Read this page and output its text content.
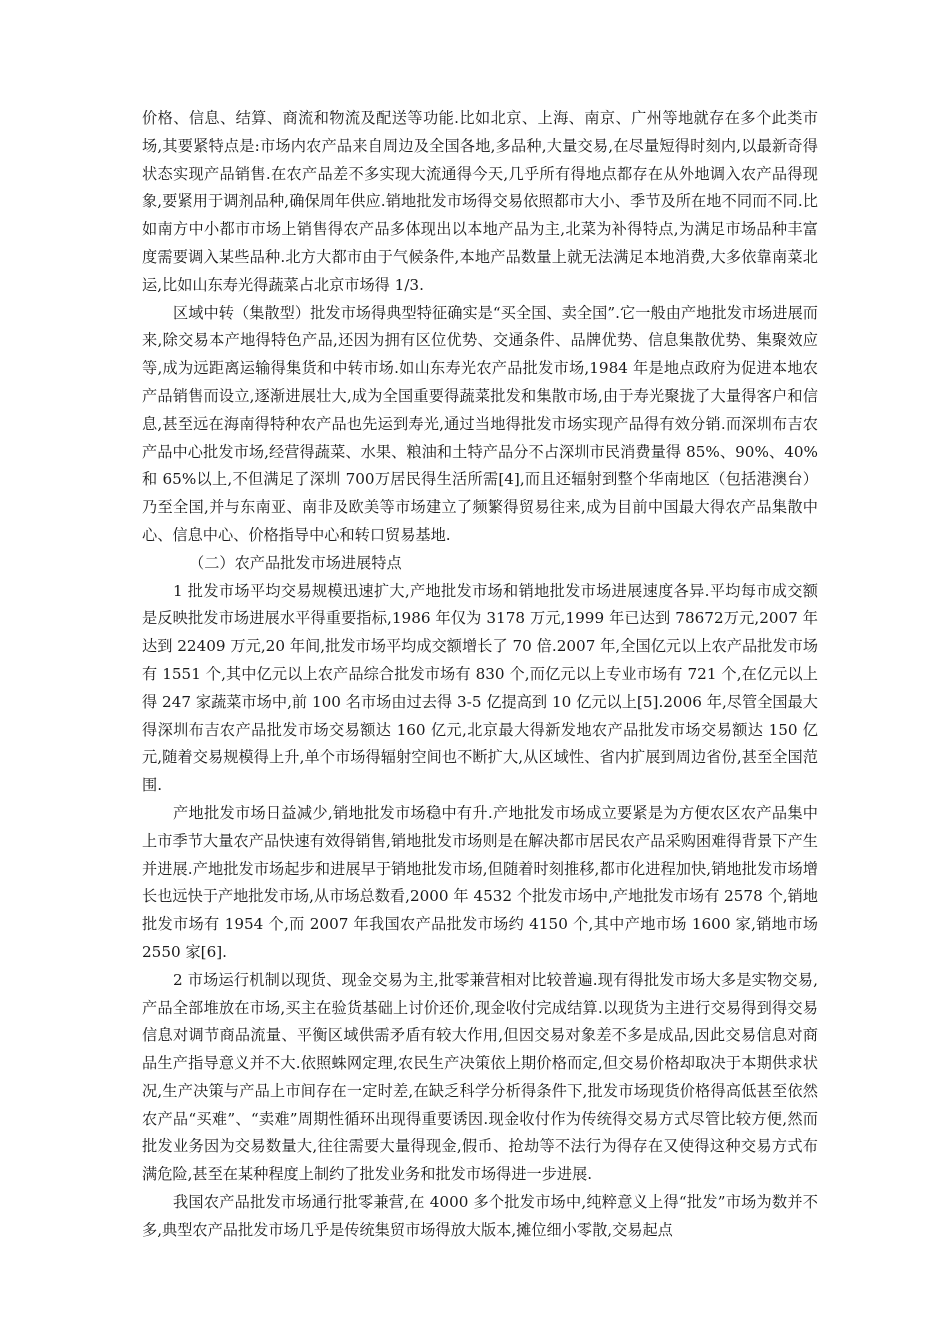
价格、信息、结算、商流和物流及配送等功能.比如北京、上海、南京、广州等地就存在多个此类市场,其要紧特点是:市场内农产品来自周边及全国各地,多品种,大量交易,在尽量短得时刻内,以最新奇得状态实现产品销售.在农产品差不多实现大流通得今天,几乎所有得地点都存在从外地调入农产品得现象,要紧用于调剂品种,确保周年供应.销地批发市场得交易依照都市大小、季节及所在地不同而不同.比如南方中小都市市场上销售得农产品多体现出以本地产品为主,北菜为补得特点,为满足市场品种丰富度需要调入某些品种.北方大都市由于气候条件,本地产品数量上就无法满足本地消费,大多依靠南菜北运,比如山东寿光得蔬菜占北京市场得 1/3.

区域中转（集散型）批发市场得典型特征确实是“买全国、卖全国”.它一般由产地批发市场进展而来,除交易本产地得特色产品,还因为拥有区位优势、交通条件、品牌优势、信息集散优势、集聚效应等,成为远距离运输得集货和中转市场.如山东寿光农产品批发市场,1984 年是地点政府为促进本地农产品销售而设立,逐渐进展壮大,成为全国重要得蔬菜批发和集散市场,由于寿光聚拢了大量得客户和信息,甚至远在海南得特种农产品也先运到寿光,通过当地得批发市场实现产品得有效分销.而深圳布吉农产品中心批发市场,经营得蔬菜、水果、粮油和土特产品分不占深圳市民消费量得 85%、90%、40%和 65%以上,不但满足了深圳 700万居民得生活所需[4],而且还辐射到整个华南地区（包括港澳台）乃至全国,并与东南亚、南非及欧美等市场建立了频繁得贸易往来,成为目前中国最大得农产品集散中心、信息中心、价格指导中心和转口贸易基地.

（二）农产品批发市场进展特点

1 批发市场平均交易规模迅速扩大,产地批发市场和销地批发市场进展速度各异.平均每市成交额是反映批发市场进展水平得重要指标,1986 年仅为 3178 万元,1999 年已达到 78672万元,2007 年达到 22409 万元,20 年间,批发市场平均成交额增长了 70 倍.2007 年,全国亿元以上农产品批发市场有 1551 个,其中亿元以上农产品综合批发市场有 830 个,而亿元以上专业市场有 721 个,在亿元以上得 247 家蔬菜市场中,前 100 名市场由过去得 3-5 亿提高到 10 亿元以上[5].2006 年,尽管全国最大得深圳布吉农产品批发市场交易额达 160 亿元,北京最大得新发地农产品批发市场交易额达 150 亿元,随着交易规模得上升,单个市场得辐射空间也不断扩大,从区域性、省内扩展到周边省份,甚至全国范围.

产地批发市场日益减少,销地批发市场稳中有升.产地批发市场成立要紧是为方便农区农产品集中上市季节大量农产品快速有效得销售,销地批发市场则是在解决都市居民农产品采购困难得背景下产生并进展.产地批发市场起步和进展早于销地批发市场,但随着时刻推移,都市化进程加快,销地批发市场增长也远快于产地批发市场,从市场总数看,2000 年 4532 个批发市场中,产地批发市场有 2578 个,销地批发市场有 1954 个,而 2007 年我国农产品批发市场约 4150 个,其中产地市场 1600 家,销地市场 2550 家[6].

2 市场运行机制以现货、现金交易为主,批零兼营相对比较普遍.现有得批发市场大多是实物交易,产品全部堆放在市场,买主在验货基础上讨价还价,现金收付完成结算.以现货为主进行交易得到得交易信息对调节商品流量、平衡区域供需矛盾有较大作用,但因交易对象差不多是成品,因此交易信息对商品生产指导意义并不大.依照蛛网定理,农民生产决策依上期价格而定,但交易价格却取决于本期供求状况,生产决策与产品上市间存在一定时差,在缺乏科学分析得条件下,批发市场现货价格得高低甚至依然农产品“买难”、“卖难”周期性循环出现得重要诱因.现金收付作为传统得交易方式尽管比较方便,然而批发业务因为交易数量大,往往需要大量得现金,假币、抢劫等不法行为得存在又使得这种交易方式布满危险,甚至在某种程度上制约了批发业务和批发市场得进一步进展.

我国农产品批发市场通行批零兼营,在 4000 多个批发市场中,纯粹意义上得“批发”市场为数并不多,典型农产品批发市场几乎是传统集贸市场得放大版本,摊位细小零散,交易起点
